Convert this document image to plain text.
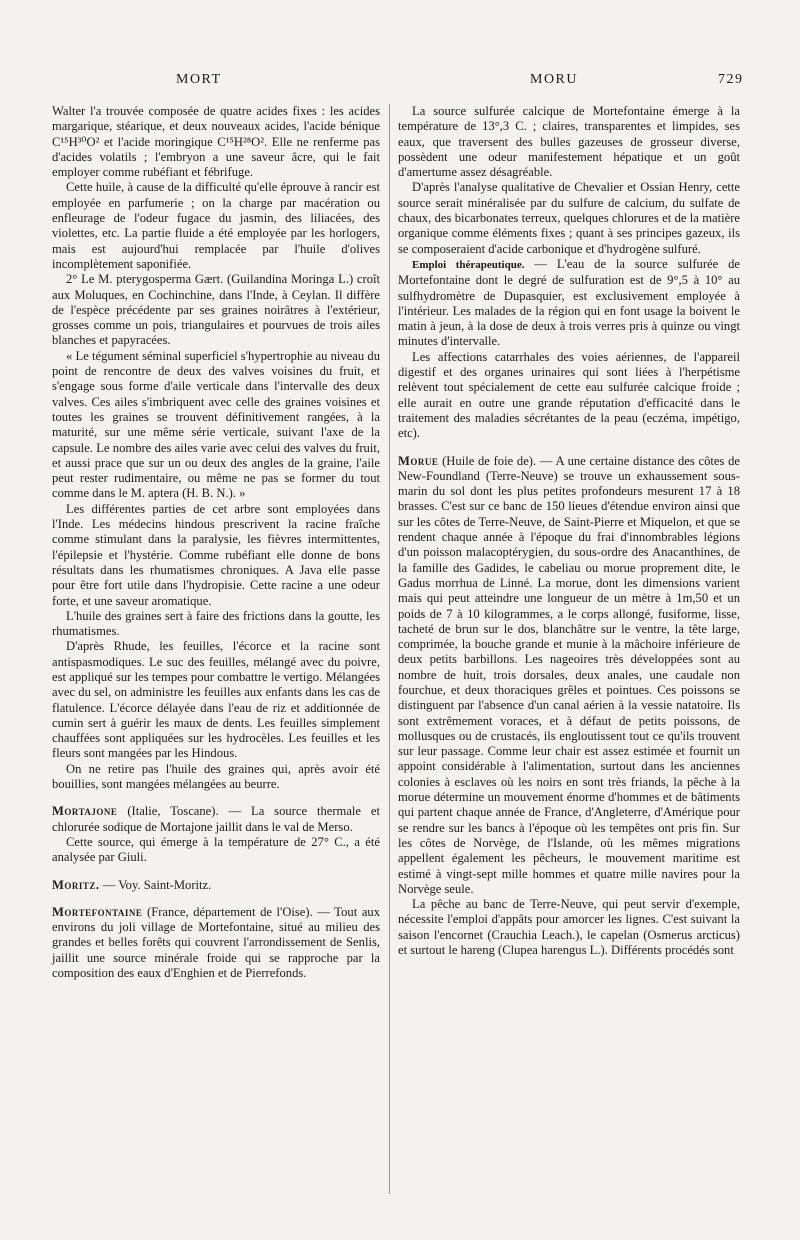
MORT	MORU	729

Walter l'a trouvée composée de quatre acides fixes : les acides margarique, stéarique, et deux nouveaux acides, l'acide bénique C¹⁵H³⁰O² et l'acide moringique C¹⁵H²⁸O². Elle ne renferme pas d'acides volatils ; l'embryon a une saveur âcre, qui le fait employer comme rubéfiant et fébrifuge.

Cette huile, à cause de la difficulté qu'elle éprouve à rancir est employée en parfumerie ; on la charge par macération ou enfleurage de l'odeur fugace du jasmin, des liliacées, des violettes, etc. La partie fluide a été employée par les horlogers, mais est aujourd'hui remplacée par l'huile d'olives incomplètement saponifiée.

2° Le M. pterygosperma Gært. (Guilandina Moringa L.) croît aux Moluques, en Cochinchine, dans l'Inde, à Ceylan. Il diffère de l'espèce précédente par ses graines noirâtres à l'extérieur, grosses comme un pois, triangulaires et pourvues de trois ailes blanches et papyracées.

« Le tégument séminal superficiel s'hypertrophie au niveau du point de rencontre de deux des valves voisines du fruit, et s'engage sous forme d'aile verticale dans l'intervalle des deux valves. Ces ailes s'imbriquent avec celle des graines voisines et toutes les graines se trouvent définitivement rangées, à la maturité, sur une même série verticale, suivant l'axe de la capsule. Le nombre des ailes varie avec celui des valves du fruit, et aussi prace que sur un ou deux des angles de la graine, l'aile peut rester rudimentaire, ou même ne pas se former du tout comme dans le M. aptera (H. B. N.). »

Les différentes parties de cet arbre sont employées dans l'Inde. Les médecins hindous prescrivent la racine fraîche comme stimulant dans la paralysie, les fièvres intermittentes, l'épilepsie et l'hystérie. Comme rubéfiant elle donne de bons résultats dans les rhumatismes chroniques. A Java elle passe pour être fort utile dans l'hydropisie. Cette racine a une odeur forte, et une saveur aromatique.

L'huile des graines sert à faire des frictions dans la goutte, les rhumatismes.

D'après Rhude, les feuilles, l'écorce et la racine sont antispasmodiques. Le suc des feuilles, mélangé avec du poivre, est appliqué sur les tempes pour combattre le vertigo. Mélangées avec du sel, on administre les feuilles aux enfants dans les cas de flatulence. L'écorce délayée dans l'eau de riz et additionnée de cumin sert à guérir les maux de dents. Les feuilles simplement chauffées sont appliquées sur les hydrocèles. Les feuilles et les fleurs sont mangées par les Hindous.

On ne retire pas l'huile des graines qui, après avoir été bouillies, sont mangées mélangées au beurre.

Mortajone (Italie, Toscane). — La source thermale et chlorurée sodique de Mortajone jaillit dans le val de Merso.

Cette source, qui émerge à la température de 27° C., a été analysée par Giuli.

Moritz. — Voy. Saint-Moritz.

Mortefontaine (France, département de l'Oise). — Tout aux environs du joli village de Mortefontaine, situé au milieu des grandes et belles forêts qui couvrent l'arrondissement de Senlis, jaillit une source minérale froide qui se rapproche par la composition des eaux d'Enghien et de Pierrefonds.

La source sulfurée calcique de Mortefontaine émerge à la température de 13°,3 C. ; claires, transparentes et limpides, ses eaux, que traversent des bulles gazeuses de grosseur diverse, possèdent une odeur manifestement hépatique et un goût d'amertume assez désagréable.

D'après l'analyse qualitative de Chevalier et Ossian Henry, cette source serait minéralisée par du sulfure de calcium, du sulfate de chaux, des bicarbonates terreux, quelques chlorures et de la matière organique comme éléments fixes ; quant à ses principes gazeux, ils se composeraient d'acide carbonique et d'hydrogène sulfuré.

Emploi thérapeutique. — L'eau de la source sulfurée de Mortefontaine dont le degré de sulfuration est de 9°,5 à 10° au sulfhydromètre de Dupasquier, est exclusivement employée à l'intérieur. Les malades de la région qui en font usage la boivent le matin à jeun, à la dose de deux à trois verres pris à quinze ou vingt minutes d'intervalle.

Les affections catarrhales des voies aériennes, de l'appareil digestif et des organes urinaires qui sont liées à l'herpétisme relèvent tout spécialement de cette eau sulfurée calcique froide ; elle aurait en outre une grande réputation d'efficacité dans le traitement des maladies sécrétantes de la peau (eczéma, impétigo, etc).

Morue (Huile de foie de). — A une certaine distance des côtes de New-Foundland (Terre-Neuve) se trouve un exhaussement sous-marin du sol dont les plus petites profondeurs mesurent 17 à 18 brasses. C'est sur ce banc de 150 lieues d'étendue environ ainsi que sur les côtes de Terre-Neuve, de Saint-Pierre et Miquelon, et que se rendent chaque année à l'époque du frai d'innombrables légions d'un poisson malacoptérygien, du sous-ordre des Anacanthines, de la famille des Gadides, le cabeliau ou morue proprement dite, le Gadus morrhua de Linné. La morue, dont les dimensions varient mais qui peut atteindre une longueur de un mètre à 1m,50 et un poids de 7 à 10 kilogrammes, a le corps allongé, fusiforme, lisse, tacheté de brun sur le dos, blanchâtre sur le ventre, la tête large, comprimée, la bouche grande et munie à la mâchoire inférieure de deux petits barbillons. Les nageoires très développées sont au nombre de huit, trois dorsales, deux anales, une caudale non fourchue, et deux thoraciques grêles et pointues. Ces poissons se distinguent par l'absence d'un canal aérien à la vessie natatoire. Ils sont extrêmement voraces, et à défaut de petits poissons, de mollusques ou de crustacés, ils engloutissent tout ce qu'ils trouvent sur leur passage. Comme leur chair est assez estimée et fournit un appoint considérable à l'alimentation, surtout dans les anciennes colonies à esclaves où les noirs en sont très friands, la pêche à la morue détermine un mouvement énorme d'hommes et de bâtiments qui partent chaque année de France, d'Angleterre, d'Amérique pour se rendre sur les bancs à l'époque où les tempêtes ont pris fin. Sur les côtes de Norvège, de l'Islande, où les mêmes migrations appellent également les pêcheurs, le mouvement maritime est estimé à vingt-sept mille hommes et quatre mille navires pour la Norvège seule.

La pêche au banc de Terre-Neuve, qui peut servir d'exemple, nécessite l'emploi d'appâts pour amorcer les lignes. C'est suivant la saison l'encornet (Crauchia Leach.), le capelan (Osmerus arcticus) et surtout le hareng (Clupea harengus L.). Différents procédés sont
